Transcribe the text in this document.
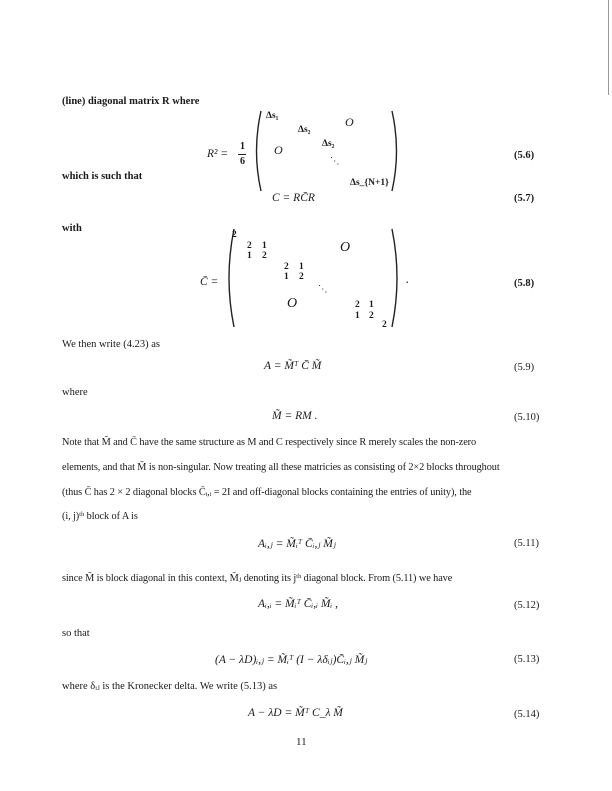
(line) diagonal matrix R where
R² =
1
6
Δs₁
Δs₂
Δs₂
Δs_{N+1}
O
O
⋱
(5.6)
which is such that
C = RC̄R	(5.7)
with
C̄ =
2
2 1
1 2
2 1
1 2
2 1
1 2
2
O
O
⋱
.	(5.8)
We then write (4.23) as
A = M̃ᵀ C̄ M̃	(5.9)
where
M̃ = RM .	(5.10)
Note that M̃ and C̄ have the same structure as M and C respectively since R merely scales the non-zero
elements, and that M̃ is non-singular. Now treating all these matricies as consisting of 2×2 blocks throughout
(thus C̄ has 2 × 2 diagonal blocks C̄ᵢ,ᵢ = 2I and off-diagonal blocks containing the entries of unity), the
(i, j)ᵗʰ block of A is
Aᵢ,ⱼ = M̃ᵢᵀ C̄ᵢ,ⱼ M̃ⱼ	(5.11)
since M̃ is block diagonal in this context, M̃ⱼ denoting its jᵗʰ diagonal block. From (5.11) we have
Aᵢ,ᵢ = M̃ᵢᵀ C̄ᵢ,ᵢ M̃ᵢ ,	(5.12)
so that
(A − λD)ᵢ,ⱼ = M̃ᵢᵀ (I − λδᵢⱼ)C̄ᵢ,ⱼ M̃ⱼ	(5.13)
where δᵢⱼ is the Kronecker delta. We write (5.13) as
A − λD = M̃ᵀ C_λ M̃	(5.14)
11
